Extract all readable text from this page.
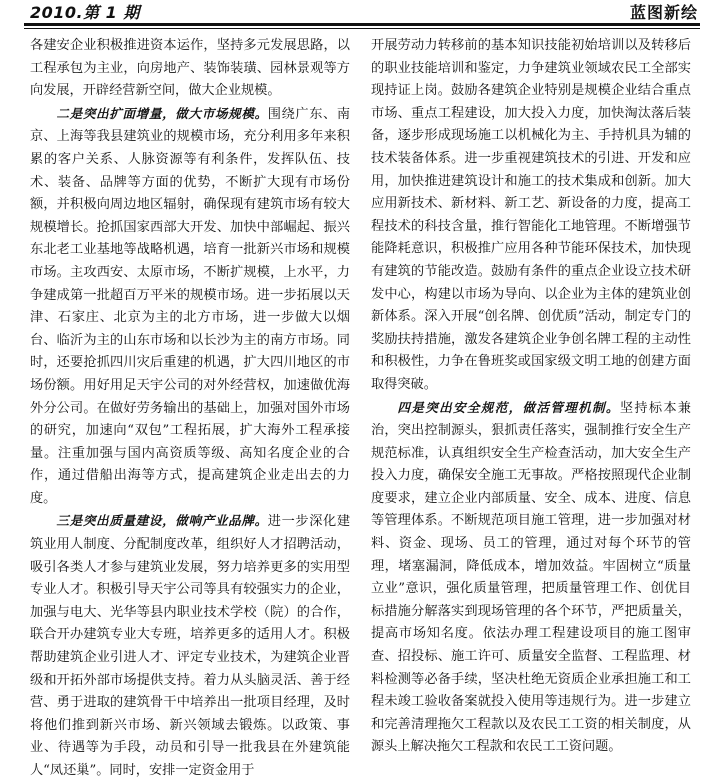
2010.第 1 期	蓝图新绘

各建安企业积极推进资本运作，坚持多元发展思路，以工程承包为主业，向房地产、装饰装璜、园林景观等方向发展，开辟经营新空间，做大企业规模。

二是突出扩面增量，做大市场规模。围绕广东、南京、上海等我县建筑业的规模市场，充分利用多年来积累的客户关系、人脉资源等有利条件，发挥队伍、技术、装备、品牌等方面的优势，不断扩大现有市场份额，并积极向周边地区辐射，确保现有建筑市场有较大规模增长。抢抓国家西部大开发、加快中部崛起、振兴东北老工业基地等战略机遇，培育一批新兴市场和规模市场。主攻西安、太原市场，不断扩规模，上水平，力争建成第一批超百万平米的规模市场。进一步拓展以天津、石家庄、北京为主的北方市场，进一步做大以烟台、临沂为主的山东市场和以长沙为主的南方市场。同时，还要抢抓四川灾后重建的机遇，扩大四川地区的市场份额。用好用足天宇公司的对外经营权，加速做优海外分公司。在做好劳务输出的基础上，加强对国外市场的研究，加速向“双包”工程拓展，扩大海外工程承接量。注重加强与国内高资质等级、高知名度企业的合作，通过借船出海等方式，提高建筑企业走出去的力度。

三是突出质量建设，做响产业品牌。进一步深化建筑业用人制度、分配制度改革，组织好人才招聘活动，吸引各类人才参与建筑业发展，努力培养更多的实用型专业人才。积极引导天宇公司等具有较强实力的企业，加强与电大、光华等县内职业技术学校（院）的合作，联合开办建筑专业大专班，培养更多的适用人才。积极帮助建筑企业引进人才、评定专业技术，为建筑企业晋级和开拓外部市场提供支持。着力从头脑灵活、善于经营、勇于进取的建筑骨干中培养出一批项目经理，及时将他们推到新兴市场、新兴领域去锻炼。以政策、事业、待遇等为手段，动员和引导一批我县在外建筑能人“凤还巢”。同时，安排一定资金用于

开展劳动力转移前的基本知识技能初始培训以及转移后的职业技能培训和鉴定，力争建筑业领域农民工全部实现持证上岗。鼓励各建筑企业特别是规模企业结合重点市场、重点工程建设，加大投入力度，加快淘汰落后装备，逐步形成现场施工以机械化为主、手持机具为辅的技术装备体系。进一步重视建筑技术的引进、开发和应用，加快推进建筑设计和施工的技术集成和创新。加大应用新技术、新材料、新工艺、新设备的力度，提高工程技术的科技含量，推行智能化工地管理。不断增强节能降耗意识，积极推广应用各种节能环保技术，加快现有建筑的节能改造。鼓励有条件的重点企业设立技术研发中心，构建以市场为导向、以企业为主体的建筑业创新体系。深入开展“创名牌、创优质”活动，制定专门的奖励扶持措施，激发各建筑企业争创名牌工程的主动性和积极性，力争在鲁班奖或国家级文明工地的创建方面取得突破。

四是突出安全规范，做活管理机制。坚持标本兼治，突出控制源头，狠抓责任落实，强制推行安全生产规范标准，认真组织安全生产检查活动，加大安全生产投入力度，确保安全施工无事故。严格按照现代企业制度要求，建立企业内部质量、安全、成本、进度、信息等管理体系。不断规范项目施工管理，进一步加强对材料、资金、现场、员工的管理，通过对每个环节的管理，堵塞漏洞，降低成本，增加效益。牢固树立“质量立业”意识，强化质量管理，把质量管理工作、创优目标措施分解落实到现场管理的各个环节，严把质量关，提高市场知名度。依法办理工程建设项目的施工图审查、招投标、施工许可、质量安全监督、工程监理、材料检测等必备手续，坚决杜绝无资质企业承担施工和工程未竣工验收备案就投入使用等违规行为。进一步建立和完善清理拖欠工程款以及农民工工资的相关制度，从源头上解决拖欠工程款和农民工工资问题。
